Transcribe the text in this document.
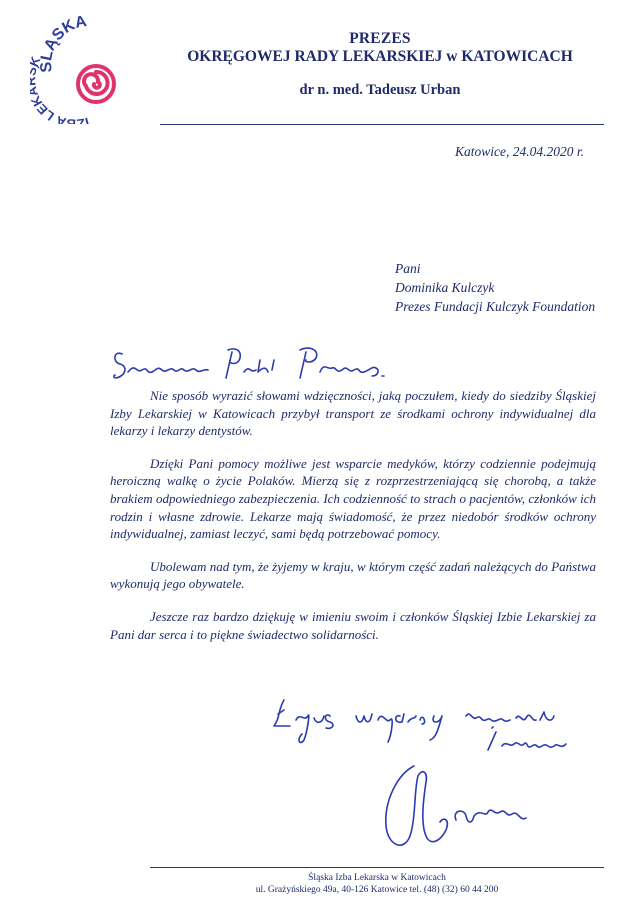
ŚLĄSKA
IZBA LEKARSKA
PREZES
OKRĘGOWEJ RADY LEKARSKIEJ w KATOWICACH
dr n. med. Tadeusz Urban
Katowice, 24.04.2020 r.
Pani
Dominika Kulczyk
Prezes Fundacji Kulczyk Foundation

Nie sposób wyrazić słowami wdzięczności, jaką poczułem, kiedy do siedziby Śląskiej Izby Lekarskiej w Katowicach przybył transport ze środkami ochrony indywidualnej dla lekarzy i lekarzy dentystów.

Dzięki Pani pomocy możliwe jest wsparcie medyków, którzy codziennie podejmują heroiczną walkę o życie Polaków. Mierzą się z rozprzestrzeniającą się chorobą, a także brakiem odpowiedniego zabezpieczenia. Ich codzienność to strach o pacjentów, członków ich rodzin i własne zdrowie. Lekarze mają świadomość, że przez niedobór środków ochrony indywidualnej, zamiast leczyć, sami będą potrzebować pomocy.

Ubolewam nad tym, że żyjemy w kraju, w którym część zadań należących do Państwa wykonują jego obywatele.

Jeszcze raz bardzo dziękuję w imieniu swoim i członków Śląskiej Izbie Lekarskiej za Pani dar serca i to piękne świadectwo solidarności.

Śląska Izba Lekarska w Katowicach
ul. Grażyńskiego 49a, 40-126 Katowice tel. (48) (32) 60 44 200
